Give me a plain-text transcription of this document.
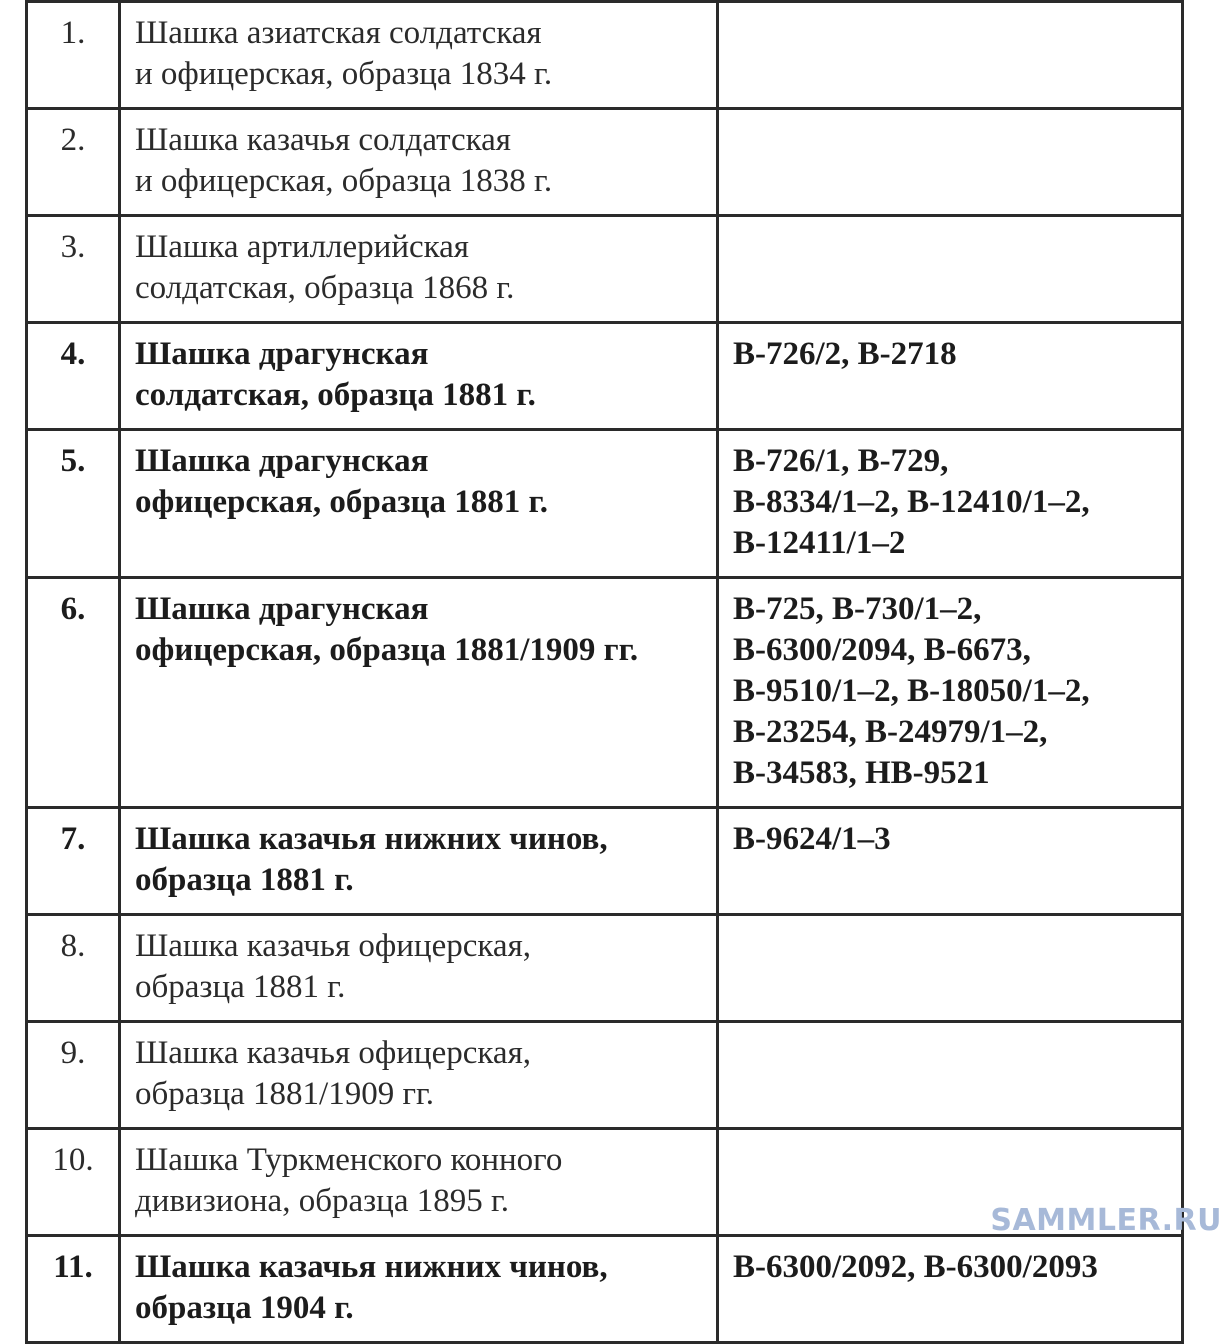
1.	Шашка азиатская солдатская
и офицерская, образца 1834 г.	

2.	Шашка казачья солдатская
и офицерская, образца 1838 г.	

3.	Шашка артиллерийская
солдатская, образца 1868 г.	

4.	Шашка драгунская
солдатская, образца 1881 г.	В-726/2, В-2718

5.	Шашка драгунская
офицерская, образца 1881 г.	В-726/1, В-729,
В-8334/1–2, В-12410/1–2,
В-12411/1–2

6.	Шашка драгунская
офицерская, образца 1881/1909 гг.	В-725, В-730/1–2,
В-6300/2094, В-6673,
В-9510/1–2, В-18050/1–2,
В-23254, В-24979/1–2,
В-34583, НВ-9521

7.	Шашка казачья нижних чинов,
образца 1881 г.	В-9624/1–3

8.	Шашка казачья офицерская,
образца 1881 г.	

9.	Шашка казачья офицерская,
образца 1881/1909 гг.	

10.	Шашка Туркменского конного
дивизиона, образца 1895 г.	

11.	Шашка казачья нижних чинов,
образца 1904 г.	В-6300/2092, В-6300/2093
SAMMLER.RU
